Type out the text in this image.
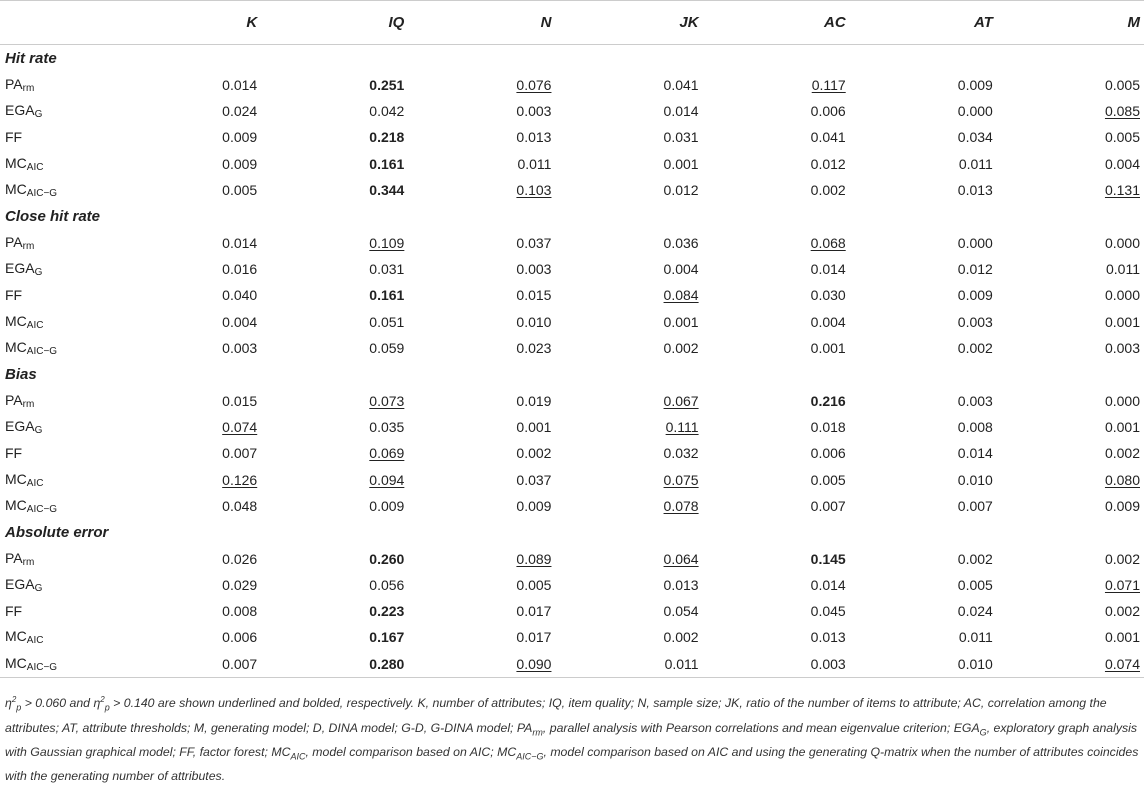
	K	IQ	N	JK	AC	AT	M
Hit rate							
$PA_{rm}$	0.014	0.251	0.076	0.041	0.117	0.009	0.005
$EGA_G$	0.024	0.042	0.003	0.014	0.006	0.000	0.085
FF	0.009	0.218	0.013	0.031	0.041	0.034	0.005
$MC_{AIC}$	0.009	0.161	0.011	0.001	0.012	0.011	0.004
$MC_{AIC-G}$	0.005	0.344	0.103	0.012	0.002	0.013	0.131
Close hit rate							
$PA_{rm}$	0.014	0.109	0.037	0.036	0.068	0.000	0.000
$EGA_G$	0.016	0.031	0.003	0.004	0.014	0.012	0.011
FF	0.040	0.161	0.015	0.084	0.030	0.009	0.000
$MC_{AIC}$	0.004	0.051	0.010	0.001	0.004	0.003	0.001
$MC_{AIC-G}$	0.003	0.059	0.023	0.002	0.001	0.002	0.003
Bias							
$PA_{rm}$	0.015	0.073	0.019	0.067	0.216	0.003	0.000
$EGA_G$	0.074	0.035	0.001	0.111	0.018	0.008	0.001
FF	0.007	0.069	0.002	0.032	0.006	0.014	0.002
$MC_{AIC}$	0.126	0.094	0.037	0.075	0.005	0.010	0.080
$MC_{AIC-G}$	0.048	0.009	0.009	0.078	0.007	0.007	0.009
Absolute error							
$PA_{rm}$	0.026	0.260	0.089	0.064	0.145	0.002	0.002
$EGA_G$	0.029	0.056	0.005	0.013	0.014	0.005	0.071
FF	0.008	0.223	0.017	0.054	0.045	0.024	0.002
$MC_{AIC}$	0.006	0.167	0.017	0.002	0.013	0.011	0.001
$MC_{AIC-G}$	0.007	0.280	0.090	0.011	0.003	0.010	0.074
$\eta^2_p > 0.060$ and $\eta^2_p > 0.140$ are shown underlined and bolded, respectively. K, number of attributes; IQ, item quality; N, sample size; JK, ratio of the number of items to attribute; AC, correlation among the attributes; AT, attribute thresholds; M, generating model; D, DINA model; G-D, G-DINA model; $PA_{rm}$, parallel analysis with Pearson correlations and mean eigenvalue criterion; $EGA_G$, exploratory graph analysis with Gaussian graphical model; FF, factor forest; $MC_{AIC}$, model comparison based on AIC; $MC_{AIC-G}$, model comparison based on AIC and using the generating Q-matrix when the number of attributes coincides with the generating number of attributes.
